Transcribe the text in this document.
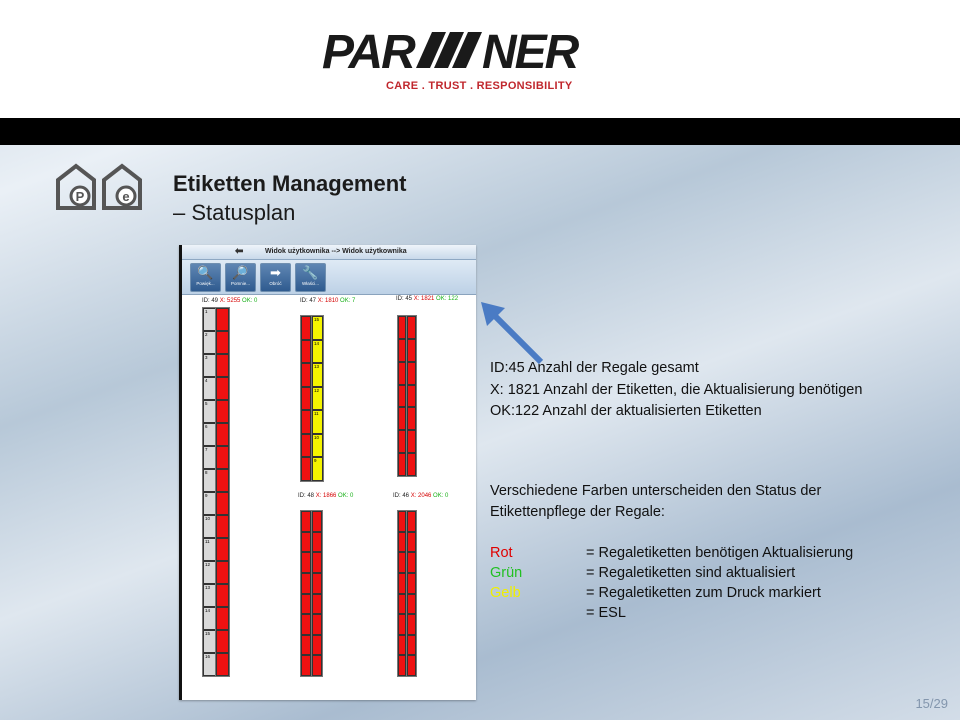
PAR NER
CARE . TRUST . RESPONSIBILITY
P	e
Etiketten Management
– Statusplan
⬅	Widok użytkownika --> Widok użytkownika
🔍
Powięk...
🔎
Pomnie...
➡
Obróć
🔧
Właści...
ID: 49 X: 5255 OK: 0
1
2
3
4
5
6
7
8
9
10
11
12
13
14
15
16
ID: 47 X: 1810 OK: 7
15
14
13
12
11
10
9
ID: 45 X: 1821 OK: 122
ID: 48 X: 1866 OK: 0	ID: 46 X: 2046 OK: 0
ID:45 Anzahl der Regale gesamt
X: 1821 Anzahl der Etiketten, die Aktualisierung benötigen
OK:122 Anzahl der aktualisierten Etiketten
Verschiedene Farben unterscheiden den Status der
Etikettenpflege der Regale:
Rot	= Regaletiketten benötigen Aktualisierung
Grün	= Regaletiketten sind aktualisiert
Gelb	= Regaletiketten zum Druck markiert
= ESL
15/29
